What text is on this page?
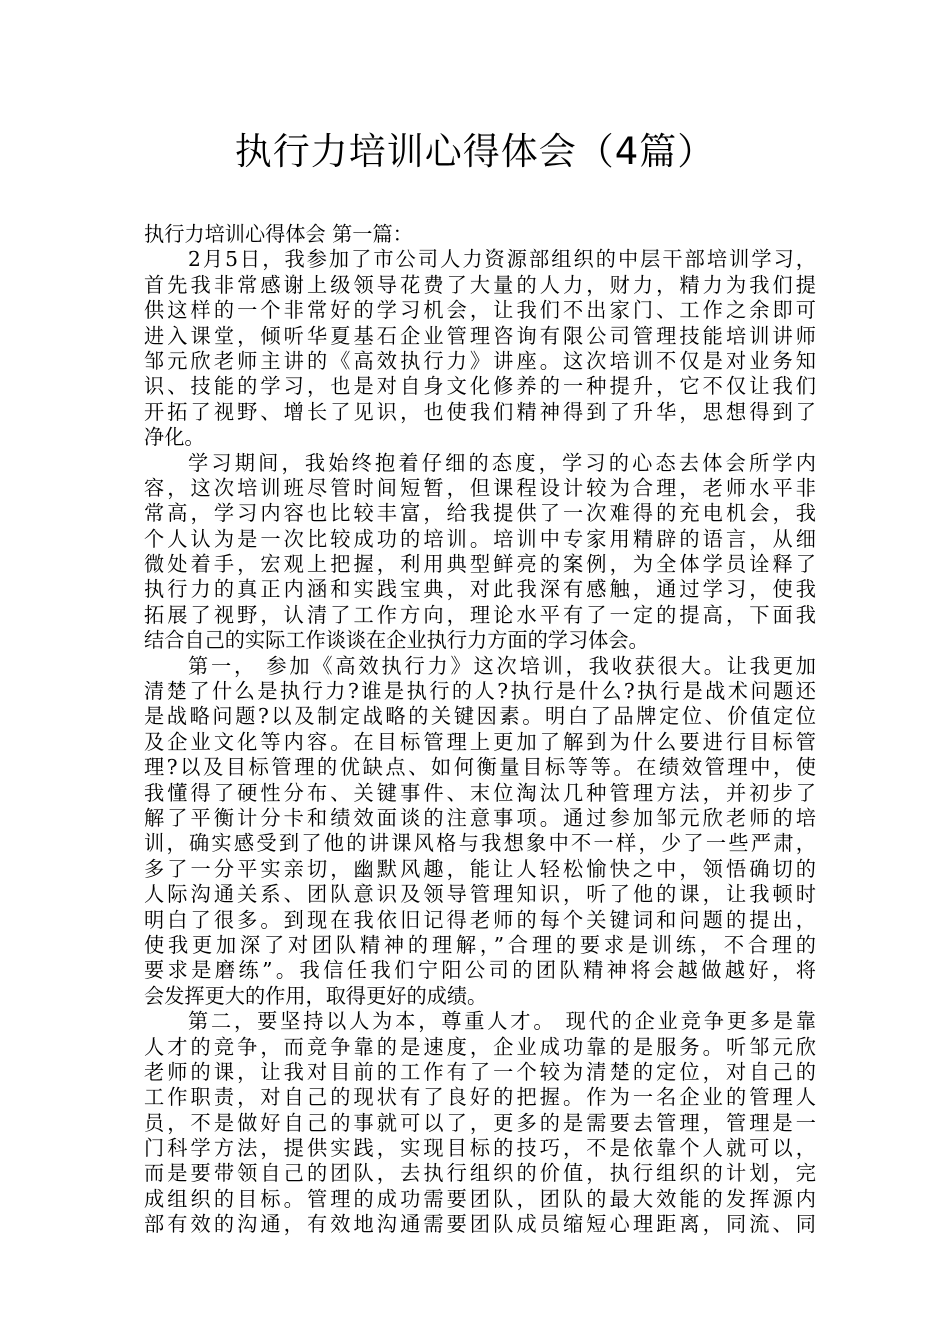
执行力培训心得体会（4篇）
执行力培训心得体会 第一篇：
2月5日，我参加了市公司人力资源部组织的中层干部培训学习，
首先我非常感谢上级领导花费了大量的人力，财力，精力为我们提
供这样的一个非常好的学习机会，让我们不出家门、工作之余即可
进入课堂，倾听华夏基石企业管理咨询有限公司管理技能培训讲师
邹元欣老师主讲的《高效执行力》讲座。这次培训不仅是对业务知
识、技能的学习，也是对自身文化修养的一种提升，它不仅让我们
开拓了视野、增长了见识，也使我们精神得到了升华，思想得到了
净化。
学习期间，我始终抱着仔细的态度，学习的心态去体会所学内
容，这次培训班尽管时间短暂，但课程设计较为合理，老师水平非
常高，学习内容也比较丰富，给我提供了一次难得的充电机会，我
个人认为是一次比较成功的培训。培训中专家用精辟的语言，从细
微处着手，宏观上把握，利用典型鲜亮的案例，为全体学员诠释了
执行力的真正内涵和实践宝典，对此我深有感触，通过学习，使我
拓展了视野，认清了工作方向，理论水平有了一定的提高，下面我
结合自己的实际工作谈谈在企业执行力方面的学习体会。
第一， 参加《高效执行力》这次培训，我收获很大。让我更加
清楚了什么是执行力?谁是执行的人?执行是什么?执行是战术问题还
是战略问题?以及制定战略的关键因素。明白了品牌定位、价值定位
及企业文化等内容。在目标管理上更加了解到为什么要进行目标管
理?以及目标管理的优缺点、如何衡量目标等等。在绩效管理中，使
我懂得了硬性分布、关键事件、末位淘汰几种管理方法，并初步了
解了平衡计分卡和绩效面谈的注意事项。通过参加邹元欣老师的培
训，确实感受到了他的讲课风格与我想象中不一样，少了一些严肃，
多了一分平实亲切，幽默风趣，能让人轻松愉快之中，领悟确切的
人际沟通关系、团队意识及领导管理知识，听了他的课，让我顿时
明白了很多。到现在我依旧记得老师的每个关键词和问题的提出，
使我更加深了对团队精神的理解，”合理的要求是训练，不合理的
要求是磨练”。我信任我们宁阳公司的团队精神将会越做越好，将
会发挥更大的作用，取得更好的成绩。
第二，要坚持以人为本，尊重人才。 现代的企业竞争更多是靠
人才的竞争，而竞争靠的是速度，企业成功靠的是服务。听邹元欣
老师的课，让我对目前的工作有了一个较为清楚的定位，对自己的
工作职责，对自己的现状有了良好的把握。作为一名企业的管理人
员，不是做好自己的事就可以了，更多的是需要去管理，管理是一
门科学方法，提供实践，实现目标的技巧，不是依靠个人就可以，
而是要带领自己的团队，去执行组织的价值，执行组织的计划，完
成组织的目标。管理的成功需要团队，团队的最大效能的发挥源内
部有效的沟通，有效地沟通需要团队成员缩短心理距离，同流、同
